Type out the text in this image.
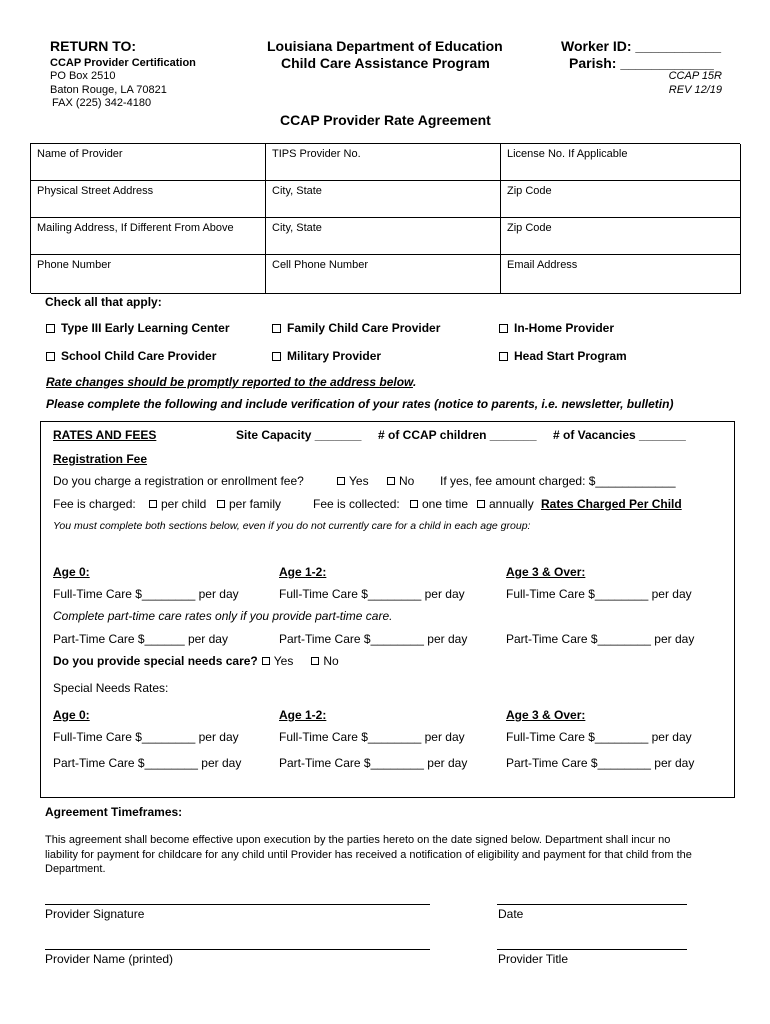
RETURN TO:
CCAP Provider Certification
PO Box 2510
Baton Rouge, LA 70821
FAX (225) 342-4180
Louisiana Department of Education
Child Care Assistance Program
Worker ID: ___________
Parish: ____________
CCAP 15R
REV 12/19
CCAP Provider Rate Agreement
Name of Provider	TIPS Provider No.	License No. If Applicable
Physical Street Address	City, State	Zip Code
Mailing Address, If Different From Above	City, State	Zip Code
Phone Number	Cell Phone Number	Email Address
Check all that apply:
Type III Early Learning Center	Family Child Care Provider	In-Home Provider
School Child Care Provider	Military Provider	Head Start Program
Rate changes should be promptly reported to the address below.
Please complete the following and include verification of your rates (notice to parents, i.e. newsletter, bulletin)
RATES AND FEES	Site Capacity _______ # of CCAP children _______ # of Vacancies _______
Registration Fee
Do you charge a registration or enrollment fee?	Yes	No If yes, fee amount charged: $____________
Fee is charged:	per child	per family	Fee is collected:	one time	annually Rates Charged Per Child
You must complete both sections below, even if you do not currently care for a child in each age group:
Age 0:	Age 1-2:	Age 3 & Over:
Full-Time Care $________ per day	Full-Time Care $________ per day	Full-Time Care $________ per day
Complete part-time care rates only if you provide part-time care.
Part-Time Care $______ per day	Part-Time Care $________ per day	Part-Time Care $________ per day
Do you provide special needs care? Yes	No
Special Needs Rates:
Age 0:	Age 1-2:	Age 3 & Over:
Full-Time Care $________ per day	Full-Time Care $________ per day	Full-Time Care $________ per day
Part-Time Care $________ per day	Part-Time Care $________ per day	Part-Time Care $________ per day
Agreement Timeframes:
This agreement shall become effective upon execution by the parties hereto on the date signed below. Department shall incur no
liability for payment for childcare for any child until Provider has received a notification of eligibility and payment for that child from the
Department.
Provider Signature	Date
Provider Name (printed)	Provider Title
